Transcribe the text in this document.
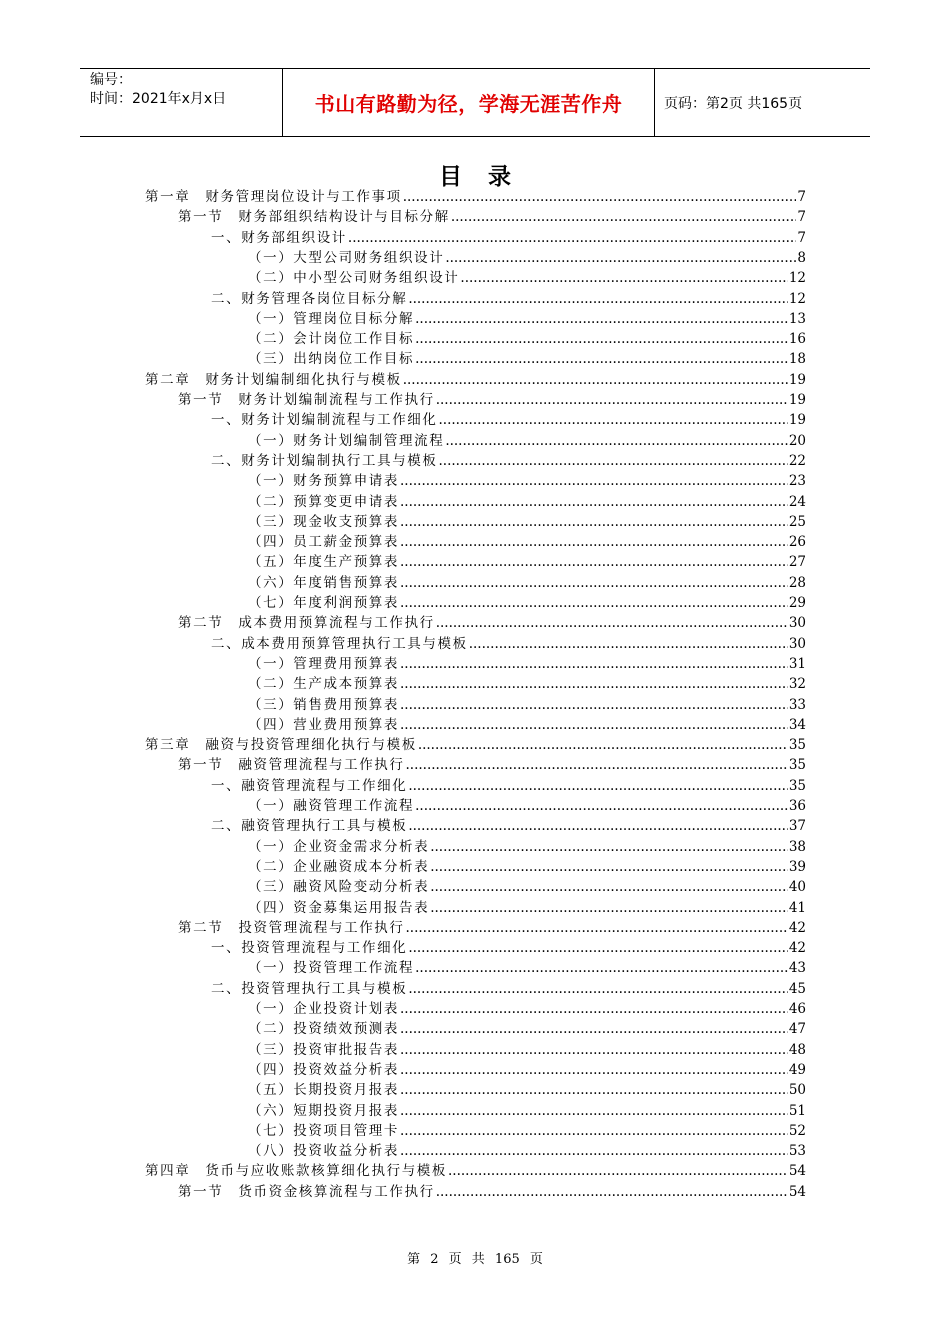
编号：
时间：2021年x月x日	书山有路勤为径，学海无涯苦作舟	页码：第2页 共165页
目录
第一章　财务管理岗位设计与工作事项 .....	7
第一节　财务部组织结构设计与目标分解 .....	7
一、财务部组织设计 .....	7
（一）大型公司财务组织设计 .....	8
（二）中小型公司财务组织设计 .....	12
二、财务管理各岗位目标分解 .....	12
（一）管理岗位目标分解 .....	13
（二）会计岗位工作目标 .....	16
（三）出纳岗位工作目标 .....	18
第二章　财务计划编制细化执行与模板 .....	19
第一节　财务计划编制流程与工作执行 .....	19
一、财务计划编制流程与工作细化 .....	19
（一）财务计划编制管理流程 .....	20
二、财务计划编制执行工具与模板 .....	22
（一）财务预算申请表 .....	23
（二）预算变更申请表 .....	24
（三）现金收支预算表 .....	25
（四）员工薪金预算表 .....	26
（五）年度生产预算表 .....	27
（六）年度销售预算表 .....	28
（七）年度利润预算表 .....	29
第二节　成本费用预算流程与工作执行 .....	30
二、成本费用预算管理执行工具与模板 .....	30
（一）管理费用预算表 .....	31
（二）生产成本预算表 .....	32
（三）销售费用预算表 .....	33
（四）营业费用预算表 .....	34
第三章　融资与投资管理细化执行与模板 .....	35
第一节　融资管理流程与工作执行 .....	35
一、融资管理流程与工作细化 .....	35
（一）融资管理工作流程 .....	36
二、融资管理执行工具与模板 .....	37
（一）企业资金需求分析表 .....	38
（二）企业融资成本分析表 .....	39
（三）融资风险变动分析表 .....	40
（四）资金募集运用报告表 .....	41
第二节　投资管理流程与工作执行 .....	42
一、投资管理流程与工作细化 .....	42
（一）投资管理工作流程 .....	43
二、投资管理执行工具与模板 .....	45
（一）企业投资计划表 .....	46
（二）投资绩效预测表 .....	47
（三）投资审批报告表 .....	48
（四）投资效益分析表 .....	49
（五）长期投资月报表 .....	50
（六）短期投资月报表 .....	51
（七）投资项目管理卡 .....	52
（八）投资收益分析表 .....	53
第四章　货币与应收账款核算细化执行与模板 .....	54
第一节　货币资金核算流程与工作执行 .....	54
第 2 页 共 165 页
